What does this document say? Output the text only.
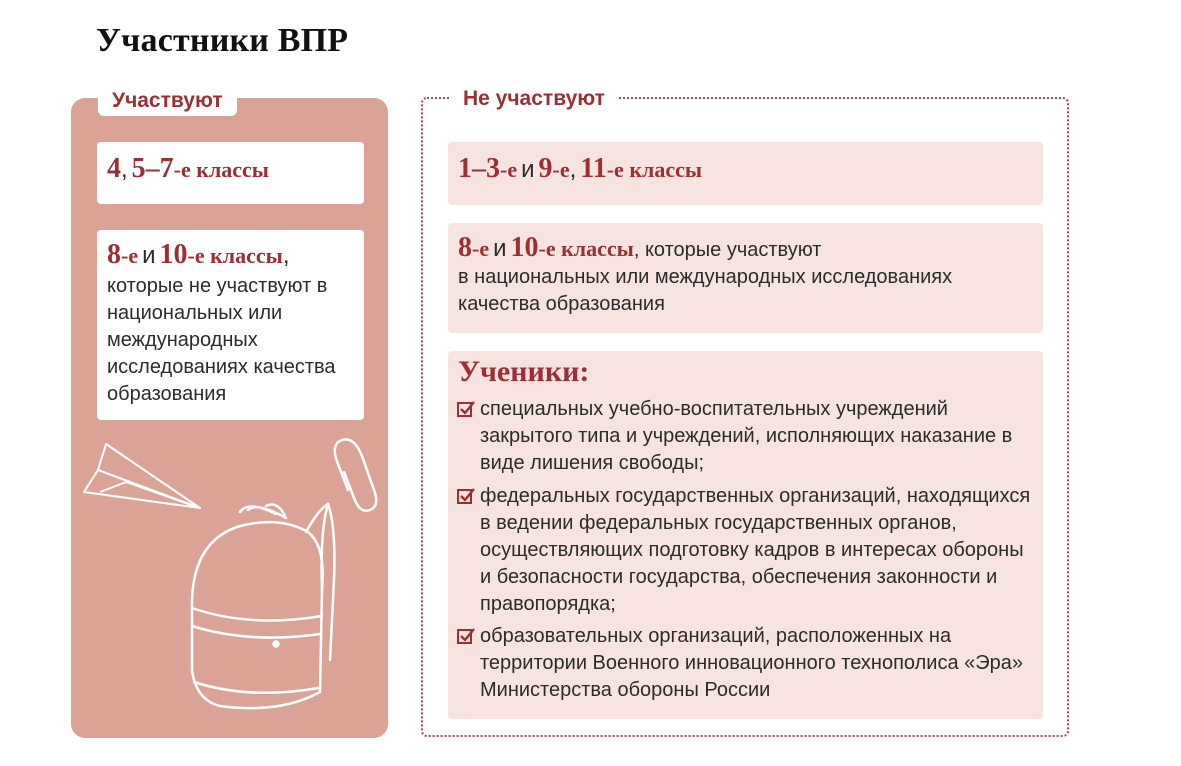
Участники ВПР
Участвуют
4, 5–7-е классы
8-е и 10-е классы,
которые не участвуют в национальных или международных исследованиях качества образования
Не участвуют
1–3-е и 9-е, 11-е классы
8-е и 10-е классы, которые участвуют
в национальных или международных исследованиях качества образования
Ученики:
специальных учебно-воспитательных учреждений закрытого типа и учреждений, исполняющих наказание в виде лишения свободы;
федеральных государственных организаций, находящихся в ведении федеральных государственных органов, осуществляющих подготовку кадров в интересах обороны и безопасности государства, обеспечения законности и правопорядка;
образовательных организаций, расположенных на территории Военного инновационного технополиса «Эра» Министерства обороны России
